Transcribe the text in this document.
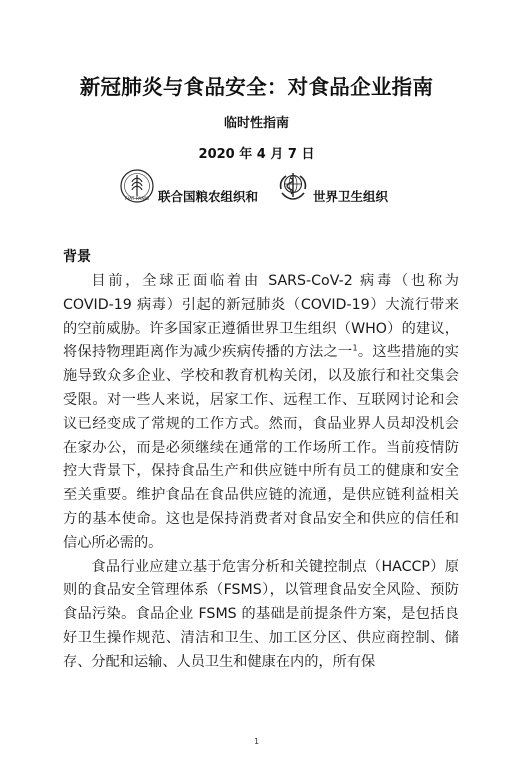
新冠肺炎与食品安全：对食品企业指南
临时性指南
2020 年 4 月 7 日
FIAT PANIS 联合国粮农组织和	世界卫生组织
背景

目前，全球正面临着由 SARS-CoV-2 病毒（也称为 COVID-19 病毒）引起的新冠肺炎（COVID-19）大流行带来的空前威胁。许多国家正遵循世界卫生组织（WHO）的建议，将保持物理距离作为减少疾病传播的方法之一$^1$。这些措施的实施导致众多企业、学校和教育机构关闭，以及旅行和社交集会受限。对一些人来说，居家工作、远程工作、互联网讨论和会议已经变成了常规的工作方式。然而，食品业界人员却没机会在家办公，而是必须继续在通常的工作场所工作。当前疫情防控大背景下，保持食品生产和供应链中所有员工的健康和安全至关重要。维护食品在食品供应链的流通，是供应链利益相关方的基本使命。这也是保持消费者对食品安全和供应的信任和信心所必需的。

食品行业应建立基于危害分析和关键控制点（HACCP）原则的食品安全管理体系（FSMS），以管理食品安全风险、预防食品污染。食品企业 FSMS 的基础是前提条件方案，是包括良好卫生操作规范、清洁和卫生、加工区分区、供应商控制、储存、分配和运输、人员卫生和健康在内的，所有保

1
